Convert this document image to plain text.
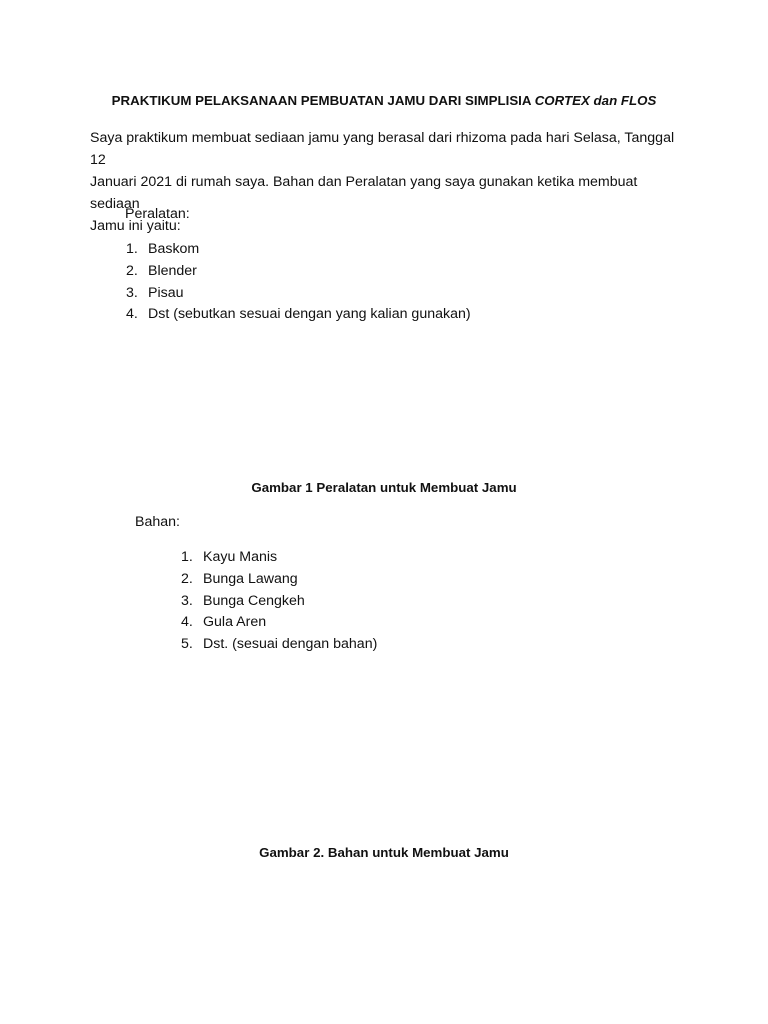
PRAKTIKUM PELAKSANAAN PEMBUATAN JAMU DARI SIMPLISIA CORTEX dan FLOS
Saya praktikum membuat sediaan jamu yang berasal dari rhizoma pada hari Selasa, Tanggal 12
Januari 2021 di rumah saya. Bahan dan Peralatan yang saya gunakan ketika membuat sediaan
Jamu ini yaitu:
Peralatan:
1. Baskom
2. Blender
3. Pisau
4. Dst (sebutkan sesuai dengan yang kalian gunakan)
Gambar 1 Peralatan untuk Membuat Jamu
Bahan:
1. Kayu Manis
2. Bunga Lawang
3. Bunga Cengkeh
4. Gula Aren
5. Dst. (sesuai dengan bahan)
Gambar 2. Bahan untuk Membuat Jamu
